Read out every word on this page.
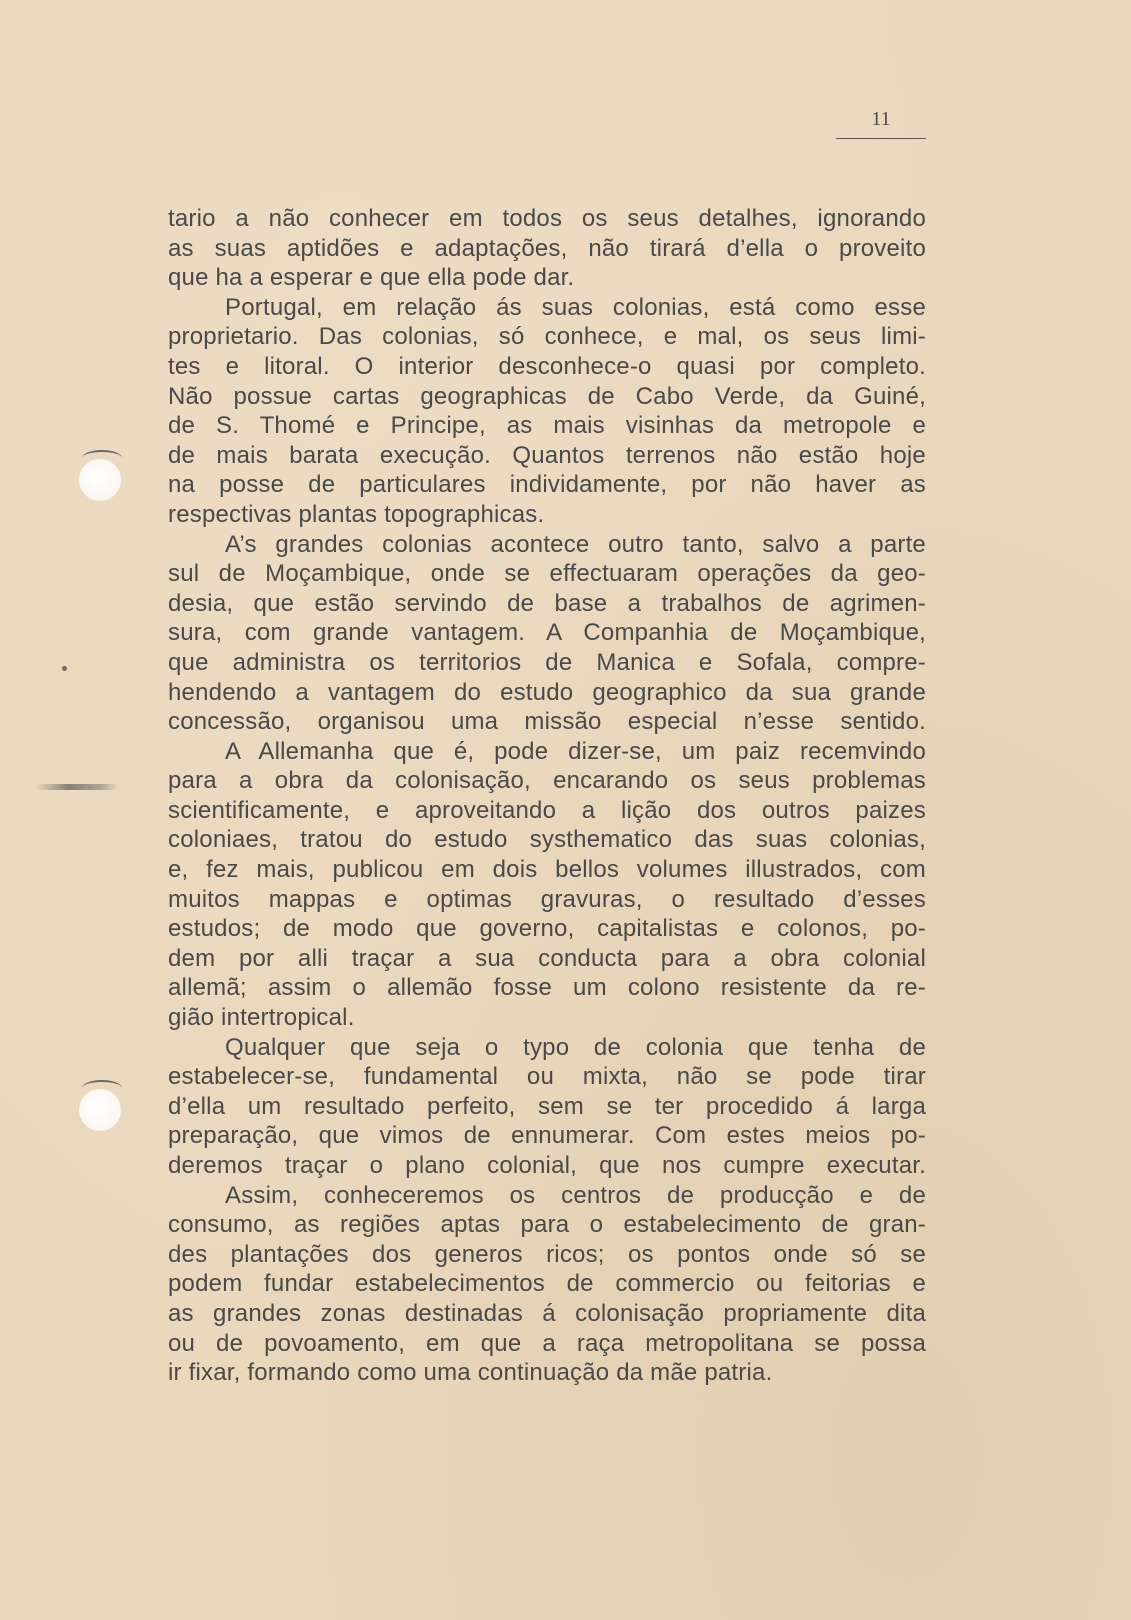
11
tario a não conhecer em todos os seus detalhes, ignorando
as suas aptidões e adaptações, não tirará d’ella o proveito
que ha a esperar e que ella pode dar.
Portugal, em relação ás suas colonias, está como esse
proprietario. Das colonias, só conhece, e mal, os seus limi-
tes e litoral. O interior desconhece-o quasi por completo.
Não possue cartas geographicas de Cabo Verde, da Guiné,
de S. Thomé e Principe, as mais visinhas da metropole e
de mais barata execução. Quantos terrenos não estão hoje
na posse de particulares individamente, por não haver as
respectivas plantas topographicas.
A’s grandes colonias acontece outro tanto, salvo a parte
sul de Moçambique, onde se effectuaram operações da geo-
desia, que estão servindo de base a trabalhos de agrimen-
sura, com grande vantagem. A Companhia de Moçambique,
que administra os territorios de Manica e Sofala, compre-
hendendo a vantagem do estudo geographico da sua grande
concessão, organisou uma missão especial n’esse sentido.
A Allemanha que é, pode dizer-se, um paiz recemvindo
para a obra da colonisação, encarando os seus problemas
scientificamente, e aproveitando a lição dos outros paizes
coloniaes, tratou do estudo systhematico das suas colonias,
e, fez mais, publicou em dois bellos volumes illustrados, com
muitos mappas e optimas gravuras, o resultado d’esses
estudos; de modo que governo, capitalistas e colonos, po-
dem por alli traçar a sua conducta para a obra colonial
allemã; assim o allemão fosse um colono resistente da re-
gião intertropical.
Qualquer que seja o typo de colonia que tenha de
estabelecer-se, fundamental ou mixta, não se pode tirar
d’ella um resultado perfeito, sem se ter procedido á larga
preparação, que vimos de ennumerar. Com estes meios po-
deremos traçar o plano colonial, que nos cumpre executar.
Assim, conheceremos os centros de producção e de
consumo, as regiões aptas para o estabelecimento de gran-
des plantações dos generos ricos; os pontos onde só se
podem fundar estabelecimentos de commercio ou feitorias e
as grandes zonas destinadas á colonisação propriamente dita
ou de povoamento, em que a raça metropolitana se possa
ir fixar, formando como uma continuação da mãe patria.
